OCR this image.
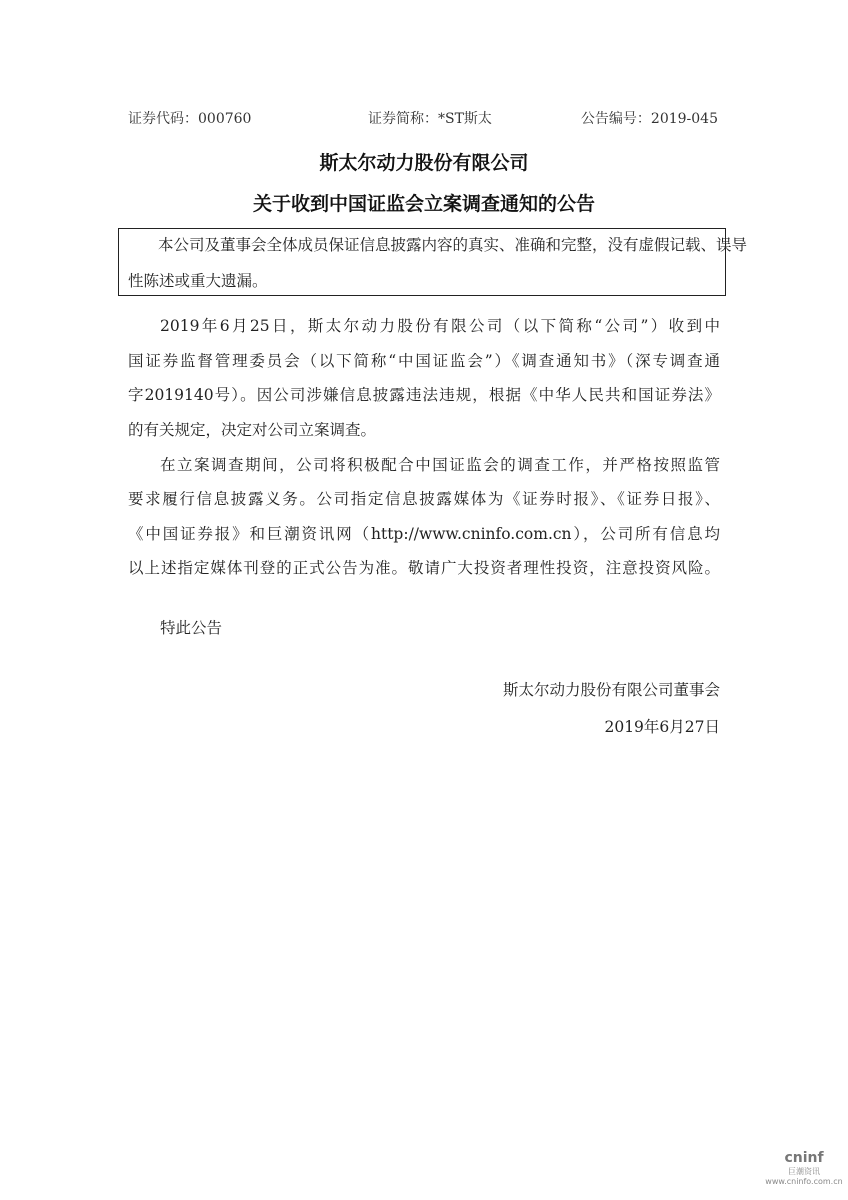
证券代码：000760	证券简称：*ST斯太	公告编号：2019-045
斯太尔动力股份有限公司
关于收到中国证监会立案调查通知的公告
本公司及董事会全体成员保证信息披露内容的真实、准确和完整，没有虚假记载、误导
性陈述或重大遗漏。
2019年6月25日，斯太尔动力股份有限公司（以下简称“公司”）收到中
国证券监督管理委员会（以下简称“中国证监会”）《调查通知书》（深专调查通
字2019140号）。因公司涉嫌信息披露违法违规，根据《中华人民共和国证券法》
的有关规定，决定对公司立案调查。
在立案调查期间，公司将积极配合中国证监会的调查工作，并严格按照监管
要求履行信息披露义务。公司指定信息披露媒体为《证券时报》、《证券日报》、
《中国证券报》和巨潮资讯网（http://www.cninfo.com.cn），公司所有信息均
以上述指定媒体刊登的正式公告为准。敬请广大投资者理性投资，注意投资风险。
特此公告
斯太尔动力股份有限公司董事会
2019年6月27日
cninf
巨潮资讯
www.cninfo.com.cn
